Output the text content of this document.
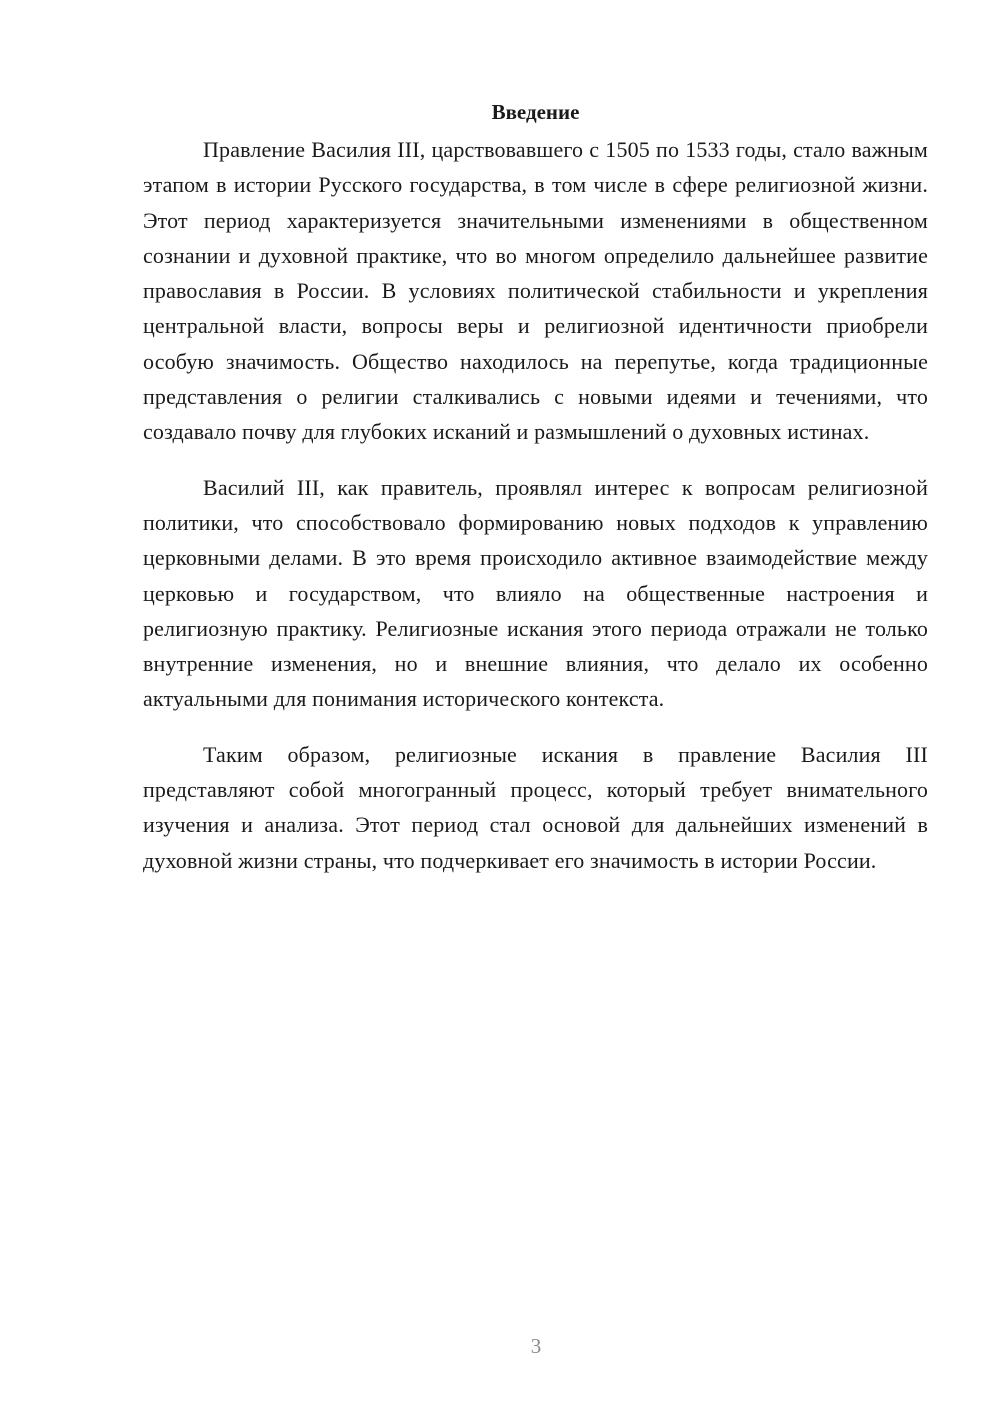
Введение

Правление Василия III, царствовавшего с 1505 по 1533 годы, стало важным этапом в истории Русского государства, в том числе в сфере религиозной жизни. Этот период характеризуется значительными изменениями в общественном сознании и духовной практике, что во многом определило дальнейшее развитие православия в России. В условиях политической стабильности и укрепления центральной власти, вопросы веры и религиозной идентичности приобрели особую значимость. Общество находилось на перепутье, когда традиционные представления о религии сталкивались с новыми идеями и течениями, что создавало почву для глубоких исканий и размышлений о духовных истинах.

Василий III, как правитель, проявлял интерес к вопросам религиозной политики, что способствовало формированию новых подходов к управлению церковными делами. В это время происходило активное взаимодействие между церковью и государством, что влияло на общественные настроения и религиозную практику. Религиозные искания этого периода отражали не только внутренние изменения, но и внешние влияния, что делало их особенно актуальными для понимания исторического контекста.

Таким образом, религиозные искания в правление Василия III представляют собой многогранный процесс, который требует внимательного изучения и анализа. Этот период стал основой для дальнейших изменений в духовной жизни страны, что подчеркивает его значимость в истории России.

3
